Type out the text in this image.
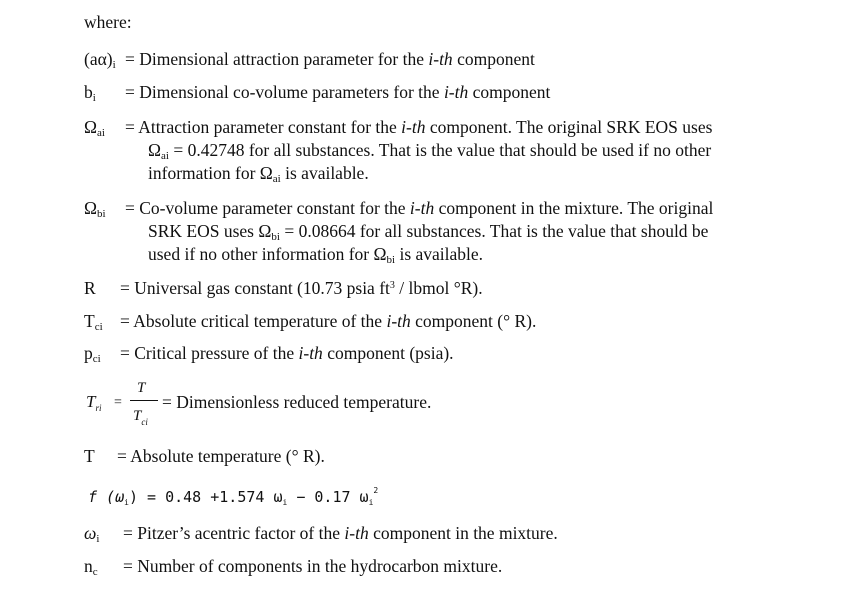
where:
(aα)i = Dimensional attraction parameter for the i-th component
bi = Dimensional co-volume parameters for the i-th component
Ωai = Attraction parameter constant for the i-th component. The original SRK EOS uses
Ωai = 0.42748 for all substances. That is the value that should be used if no other
information for Ωai is available.
Ωbi = Co-volume parameter constant for the i-th component in the mixture. The original
SRK EOS uses Ωbi = 0.08664 for all substances. That is the value that should be
used if no other information for Ωbi is available.
R = Universal gas constant (10.73 psia $ft^3$ / lbmol °R).
Tci = Absolute critical temperature of the i-th component (° R).
pci = Critical pressure of the i-th component (psia).
$T_{ri}$ =
T
$T_{ci}$
= Dimensionless reduced temperature.
T = Absolute temperature (° R).
f $(\omega_i) = 0.48 +1.574$ $\omega_i - 0.17$ $\omega_i^2$
ωi = Pitzer’s acentric factor of the i-th component in the mixture.
nc = Number of components in the hydrocarbon mixture.
